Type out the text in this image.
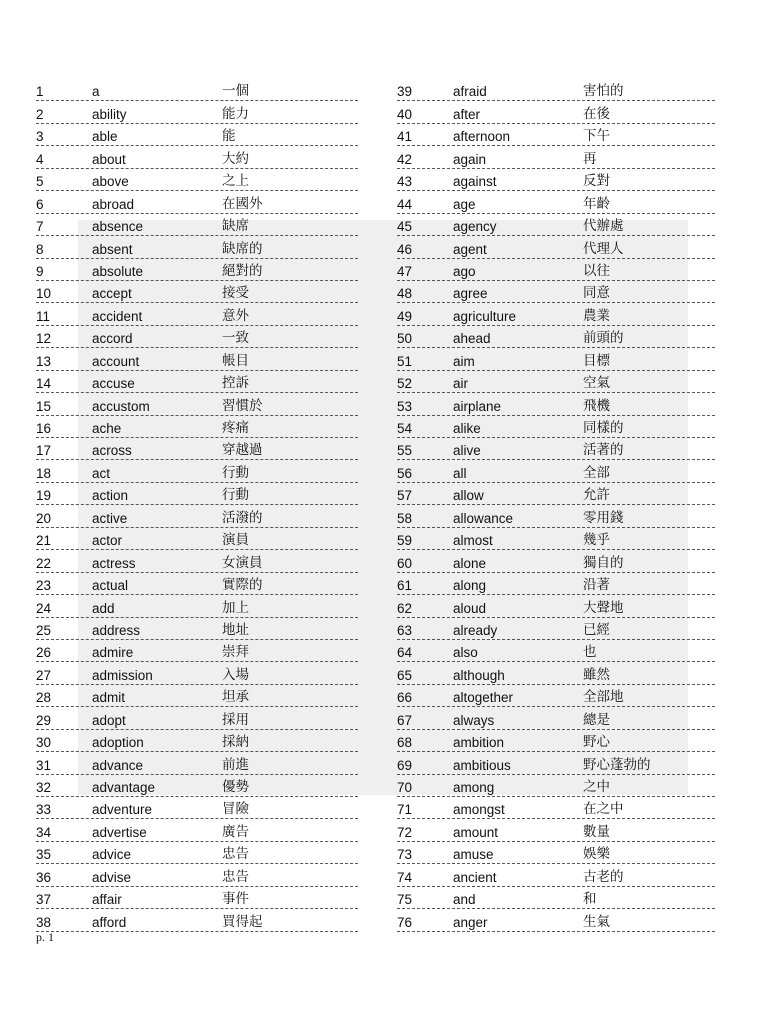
1	a	一個
2	ability	能力
3	able	能
4	about	大約
5	above	之上
6	abroad	在國外
7	absence	缺席
8	absent	缺席的
9	absolute	絕對的
10	accept	接受
11	accident	意外
12	accord	一致
13	account	帳目
14	accuse	控訴
15	accustom	習慣於
16	ache	疼痛
17	across	穿越過
18	act	行動
19	action	行動
20	active	活潑的
21	actor	演員
22	actress	女演員
23	actual	實際的
24	add	加上
25	address	地址
26	admire	崇拜
27	admission	入場
28	admit	坦承
29	adopt	採用
30	adoption	採納
31	advance	前進
32	advantage	優勢
33	adventure	冒險
34	advertise	廣告
35	advice	忠告
36	advise	忠告
37	affair	事件
38	afford	買得起
39	afraid	害怕的
40	after	在後
41	afternoon	下午
42	again	再
43	against	反對
44	age	年齡
45	agency	代辦處
46	agent	代理人
47	ago	以往
48	agree	同意
49	agriculture	農業
50	ahead	前頭的
51	aim	目標
52	air	空氣
53	airplane	飛機
54	alike	同樣的
55	alive	活著的
56	all	全部
57	allow	允許
58	allowance	零用錢
59	almost	幾乎
60	alone	獨自的
61	along	沿著
62	aloud	大聲地
63	already	已經
64	also	也
65	although	雖然
66	altogether	全部地
67	always	總是
68	ambition	野心
69	ambitious	野心蓬勃的
70	among	之中
71	amongst	在之中
72	amount	數量
73	amuse	娛樂
74	ancient	古老的
75	and	和
76	anger	生氣
p. 1
